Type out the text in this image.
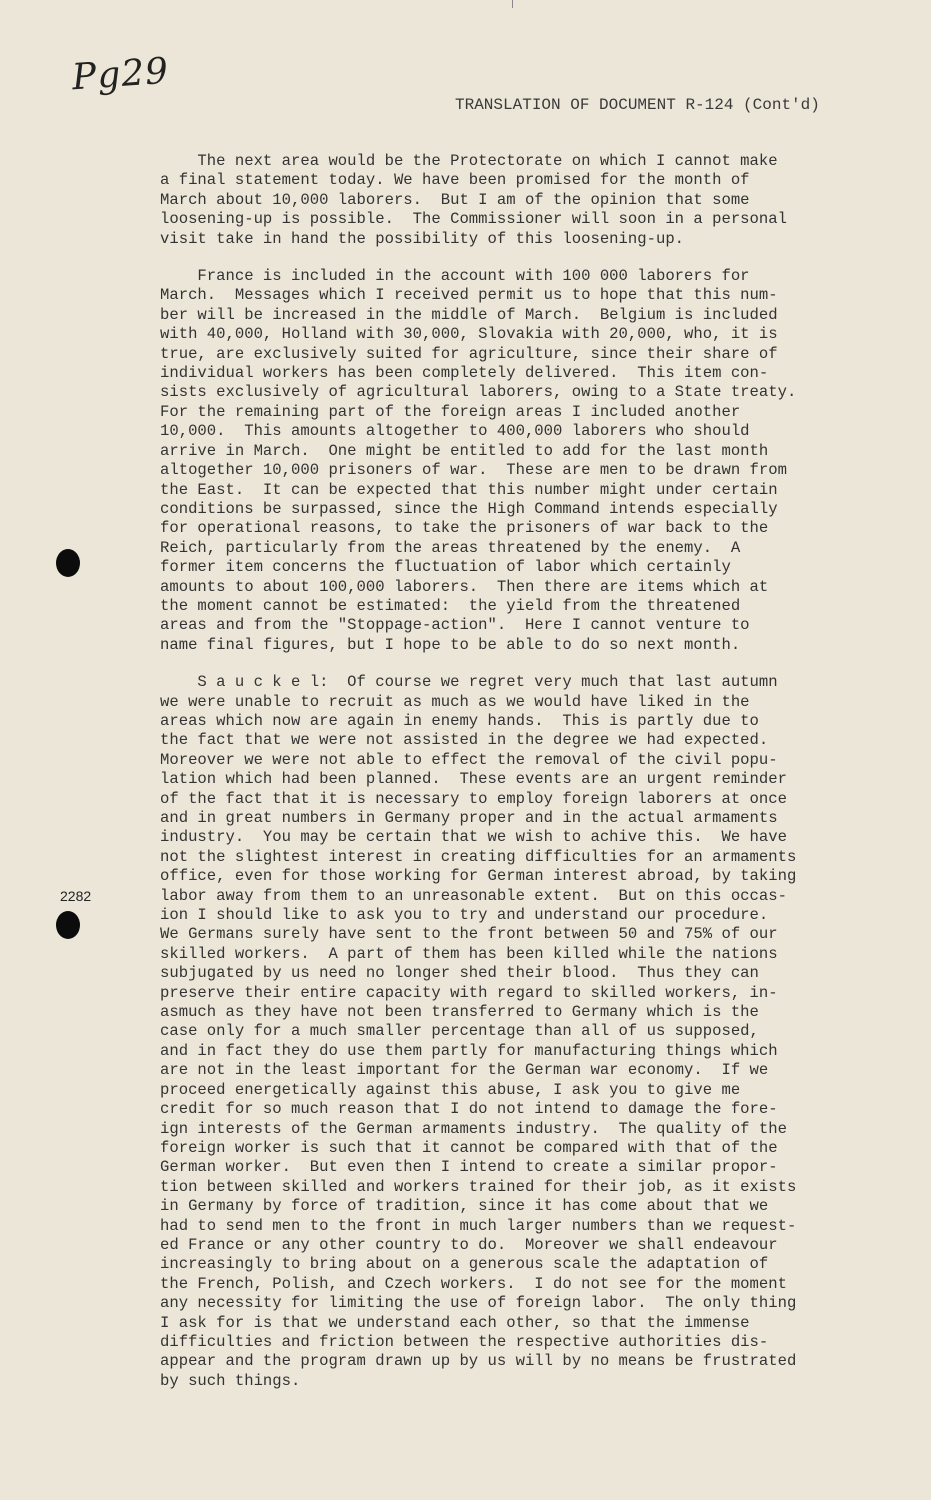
Pg29
TRANSLATION OF DOCUMENT R-124 (Cont'd)
2282
The next area would be the Protectorate on which I cannot make
a final statement today. We have been promised for the month of
March about 10,000 laborers.  But I am of the opinion that some
loosening-up is possible.  The Commissioner will soon in a personal
visit take in hand the possibility of this loosening-up.
France is included in the account with 100 000 laborers for
March.  Messages which I received permit us to hope that this num-
ber will be increased in the middle of March.  Belgium is included
with 40,000, Holland with 30,000, Slovakia with 20,000, who, it is
true, are exclusively suited for agriculture, since their share of
individual workers has been completely delivered.  This item con-
sists exclusively of agricultural laborers, owing to a State treaty.
For the remaining part of the foreign areas I included another
10,000.  This amounts altogether to 400,000 laborers who should
arrive in March.  One might be entitled to add for the last month
altogether 10,000 prisoners of war.  These are men to be drawn from
the East.  It can be expected that this number might under certain
conditions be surpassed, since the High Command intends especially
for operational reasons, to take the prisoners of war back to the
Reich, particularly from the areas threatened by the enemy.  A
former item concerns the fluctuation of labor which certainly
amounts to about 100,000 laborers.  Then there are items which at
the moment cannot be estimated:  the yield from the threatened
areas and from the "Stoppage-action".  Here I cannot venture to
name final figures, but I hope to be able to do so next month.
S a u c k e l:  Of course we regret very much that last autumn
we were unable to recruit as much as we would have liked in the
areas which now are again in enemy hands.  This is partly due to
the fact that we were not assisted in the degree we had expected.
Moreover we were not able to effect the removal of the civil popu-
lation which had been planned.  These events are an urgent reminder
of the fact that it is necessary to employ foreign laborers at once
and in great numbers in Germany proper and in the actual armaments
industry.  You may be certain that we wish to achive this.  We have
not the slightest interest in creating difficulties for an armaments
office, even for those working for German interest abroad, by taking
labor away from them to an unreasonable extent.  But on this occas-
ion I should like to ask you to try and understand our procedure.
We Germans surely have sent to the front between 50 and 75% of our
skilled workers.  A part of them has been killed while the nations
subjugated by us need no longer shed their blood.  Thus they can
preserve their entire capacity with regard to skilled workers, in-
asmuch as they have not been transferred to Germany which is the
case only for a much smaller percentage than all of us supposed,
and in fact they do use them partly for manufacturing things which
are not in the least important for the German war economy.  If we
proceed energetically against this abuse, I ask you to give me
credit for so much reason that I do not intend to damage the fore-
ign interests of the German armaments industry.  The quality of the
foreign worker is such that it cannot be compared with that of the
German worker.  But even then I intend to create a similar propor-
tion between skilled and workers trained for their job, as it exists
in Germany by force of tradition, since it has come about that we
had to send men to the front in much larger numbers than we request-
ed France or any other country to do.  Moreover we shall endeavour
increasingly to bring about on a generous scale the adaptation of
the French, Polish, and Czech workers.  I do not see for the moment
any necessity for limiting the use of foreign labor.  The only thing
I ask for is that we understand each other, so that the immense
difficulties and friction between the respective authorities dis-
appear and the program drawn up by us will by no means be frustrated
by such things.
